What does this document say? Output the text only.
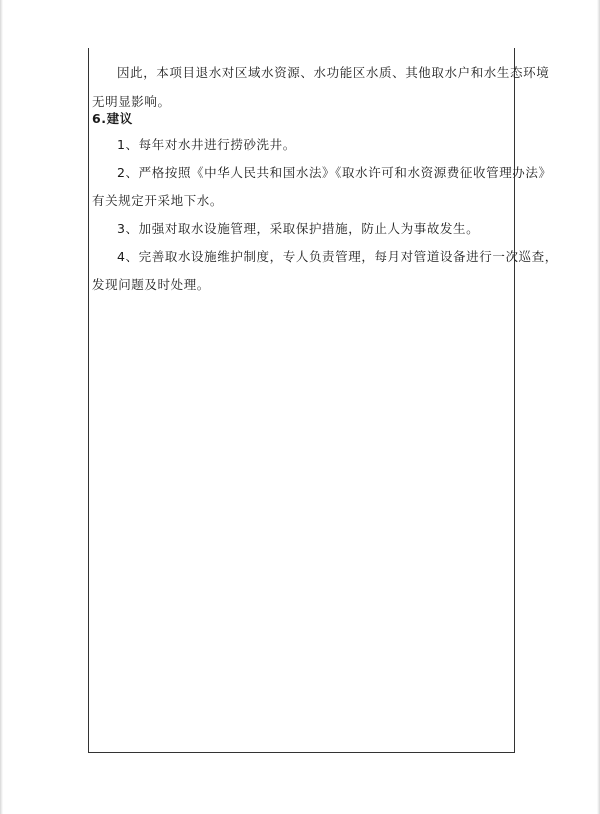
因此，本项目退水对区域水资源、水功能区水质、其他取水户和水生态环境
无明显影响。
6.建议
1、每年对水井进行捞砂洗井。
2、严格按照《中华人民共和国水法》《取水许可和水资源费征收管理办法》
有关规定开采地下水。
3、加强对取水设施管理，采取保护措施，防止人为事故发生。
4、完善取水设施维护制度，专人负责管理，每月对管道设备进行一次巡查，
发现问题及时处理。
